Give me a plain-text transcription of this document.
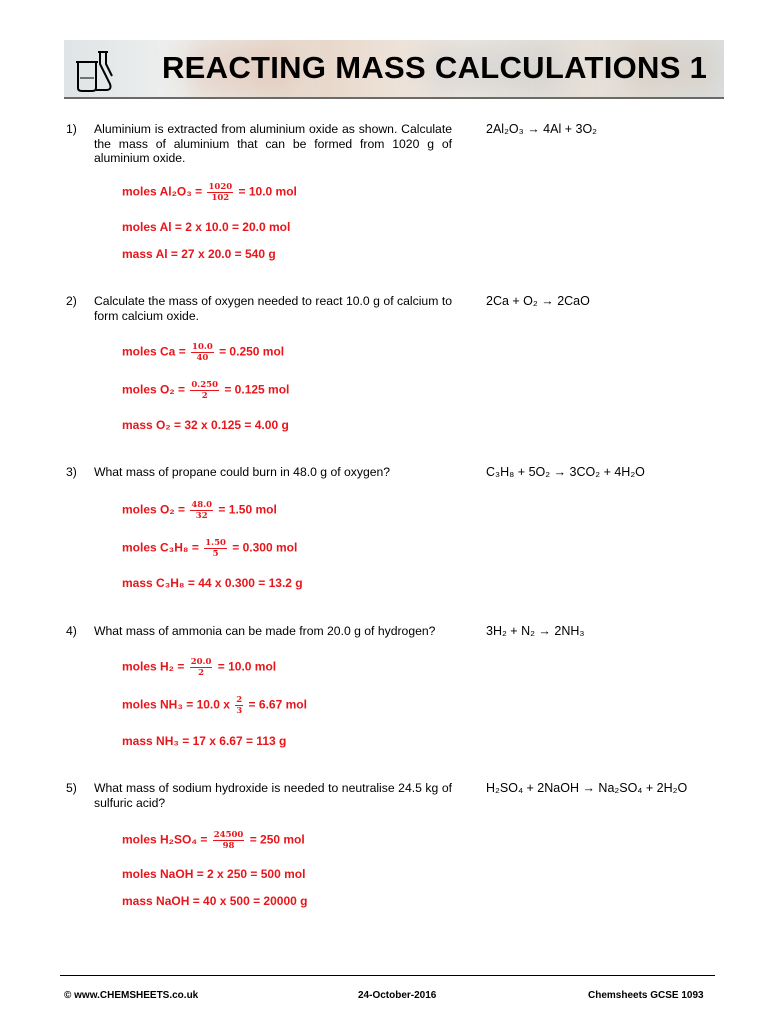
REACTING MASS CALCULATIONS 1
1) Aluminium is extracted from aluminium oxide as shown. Calculate the mass of aluminium that can be formed from 1020 g of aluminium oxide.
2Al₂O₃ → 4Al + 3O₂
moles $Al_2O_3 = \frac{1020}{102} = 10.0$ mol
moles Al = 2 x 10.0 = 20.0 mol
mass Al = 27 x 20.0 = 540 g
2) Calculate the mass of oxygen needed to react 10.0 g of calcium to form calcium oxide.
2Ca + O₂ → 2CaO
moles $Ca = \frac{10.0}{40} = 0.250$ mol
moles $O_2 = \frac{0.250}{2} = 0.125$ mol
mass O₂ = 32 x 0.125 = 4.00 g
3) What mass of propane could burn in 48.0 g of oxygen?	C₃H₈ + 5O₂ → 3CO₂ + 4H₂O
moles $O_2 = \frac{48.0}{32} = 1.50$ mol
moles $C_3H_8 = \frac{1.50}{5} = 0.300$ mol
mass C₃H₈ = 44 x 0.300 = 13.2 g
4) What mass of ammonia can be made from 20.0 g of hydrogen?	3H₂ + N₂ → 2NH₃
moles $H_2 = \frac{20.0}{2} = 10.0$ mol
moles NH₃ = 10.0 x $\frac{2}{3} = 6.67$ mol
mass NH₃ = 17 x 6.67 = 113 g
5) What mass of sodium hydroxide is needed to neutralise 24.5 kg of sulfuric acid?
H₂SO₄ + 2NaOH → Na₂SO₄ + 2H₂O
moles $H_2SO_4 = \frac{24500}{98} = 250$ mol
moles NaOH = 2 x 250 = 500 mol
mass NaOH = 40 x 500 = 20000 g
© www.CHEMSHEETS.co.uk	24-October-2016	Chemsheets GCSE 1093
